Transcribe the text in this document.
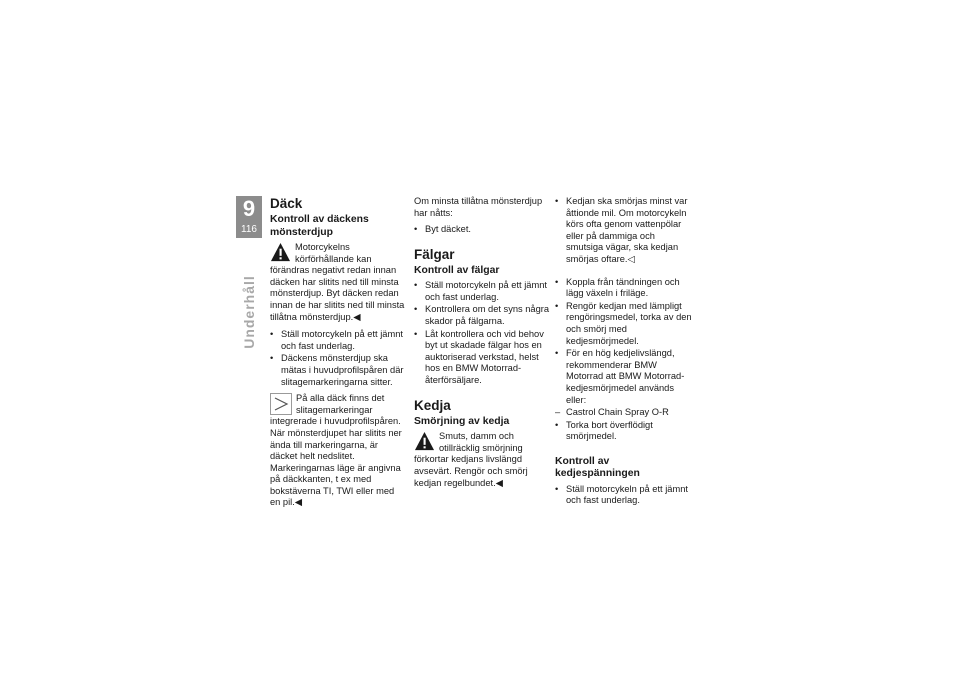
9
116
Underhåll
Däck
Kontroll av däckens mönsterdjup
Motorcykelns körförhållande kan förändras negativt redan innan däcken har slitits ned till minsta mönsterdjup. Byt däcken redan innan de har slitits ned till minsta tillåtna mönsterdjup.◀
• Ställ motorcykeln på ett jämnt och fast underlag.
• Däckens mönsterdjup ska mätas i huvudprofilspåren där slitagemarkeringarna sitter.
På alla däck finns det slitagemarkeringar integrerade i huvudprofilspåren. När mönsterdjupet har slitits ner ända till markeringarna, är däcket helt nedslitet. Markeringarnas läge är angivna på däckkanten, t ex med bokstäverna TI, TWI eller med en pil.◀

Om minsta tillåtna mönsterdjup har nåtts:

• Byt däcket.
Fälgar
Kontroll av fälgar
• Ställ motorcykeln på ett jämnt och fast underlag.
• Kontrollera om det syns några skador på fälgarna.
• Låt kontrollera och vid behov byt ut skadade fälgar hos en auktoriserad verkstad, helst hos en BMW Motorrad-återförsäljare.
Kedja
Smörjning av kedja
Smuts, damm och otillräcklig smörjning förkortar kedjans livslängd avsevärt. Rengör och smörj kedjan regelbundet.◀
• Kedjan ska smörjas minst var åttionde mil. Om motorcykeln körs ofta genom vattenpölar eller på dammiga och smutsiga vägar, ska kedjan smörjas oftare.◁
• Koppla från tändningen och lägg växeln i friläge.
• Rengör kedjan med lämpligt rengöringsmedel, torka av den och smörj med kedjesmörjmedel.
• För en hög kedjelivslängd, rekommenderar BMW Motorrad att BMW Motorrad-kedjesmörjmedel används eller:
– Castrol Chain Spray O-R
• Torka bort överflödigt smörjmedel.
Kontroll av kedjespänningen
• Ställ motorcykeln på ett jämnt och fast underlag.
